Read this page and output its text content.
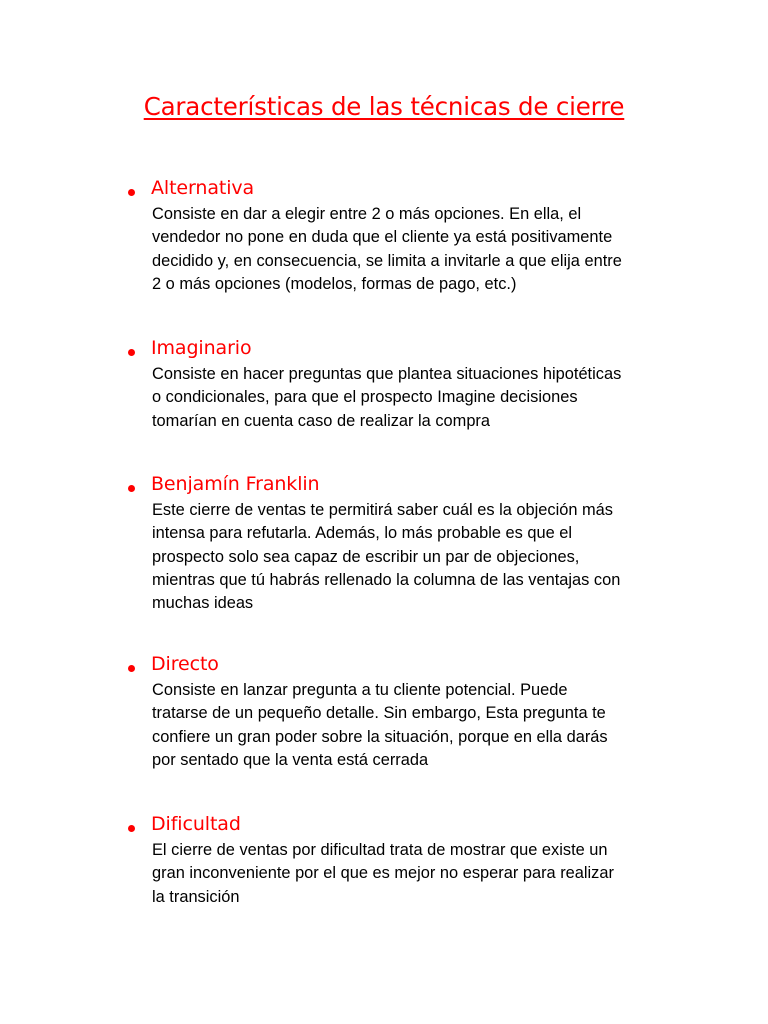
Características de las técnicas de cierre
Alternativa
Consiste en dar a elegir entre 2 o más opciones. En ella, el
vendedor no pone en duda que el cliente ya está positivamente
decidido y, en consecuencia, se limita a invitarle a que elija entre
2 o más opciones (modelos, formas de pago, etc.)
Imaginario
Consiste en hacer preguntas que plantea situaciones hipotéticas
o condicionales, para que el prospecto Imagine decisiones
tomarían en cuenta caso de realizar la compra
Benjamín Franklin
Este cierre de ventas te permitirá saber cuál es la objeción más
intensa para refutarla. Además, lo más probable es que el
prospecto solo sea capaz de escribir un par de objeciones,
mientras que tú habrás rellenado la columna de las ventajas con
muchas ideas
Directo
Consiste en lanzar pregunta a tu cliente potencial. Puede
tratarse de un pequeño detalle. Sin embargo, Esta pregunta te
confiere un gran poder sobre la situación, porque en ella darás
por sentado que la venta está cerrada
Dificultad
El cierre de ventas por dificultad trata de mostrar que existe un
gran inconveniente por el que es mejor no esperar para realizar
la transición
